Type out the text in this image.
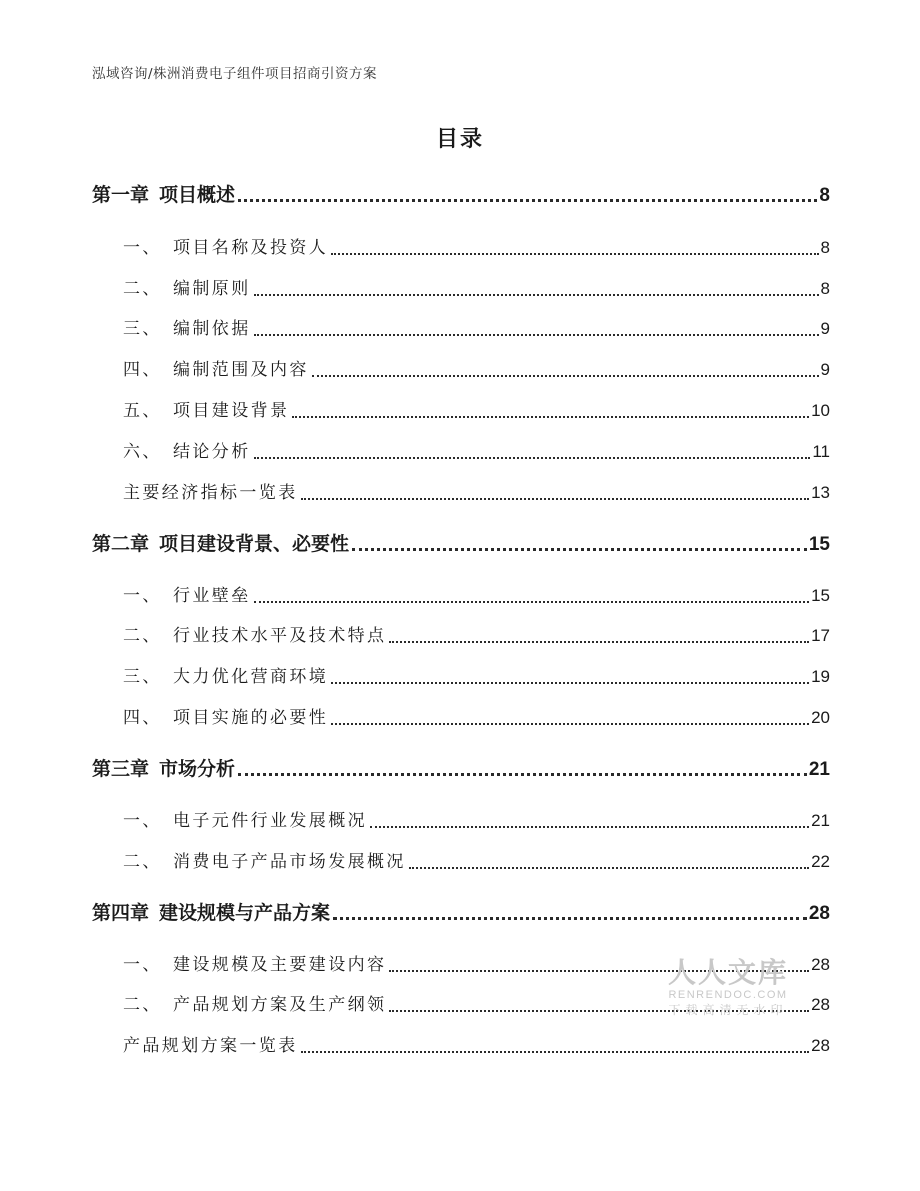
泓域咨询/株洲消费电子组件项目招商引资方案
目录
第一章 项目概述	8
一、 项目名称及投资人	8
二、 编制原则	8
三、 编制依据	9
四、 编制范围及内容	9
五、 项目建设背景	10
六、 结论分析	11
主要经济指标一览表	13
第二章 项目建设背景、必要性	15
一、 行业壁垒	15
二、 行业技术水平及技术特点	17
三、 大力优化营商环境	19
四、 项目实施的必要性	20
第三章 市场分析	21
一、 电子元件行业发展概况	21
二、 消费电子产品市场发展概况	22
第四章 建设规模与产品方案	28
一、 建设规模及主要建设内容	28
二、 产品规划方案及生产纲领	28
产品规划方案一览表	28
人人文库
RENRENDOC.COM
下载高清无水印
